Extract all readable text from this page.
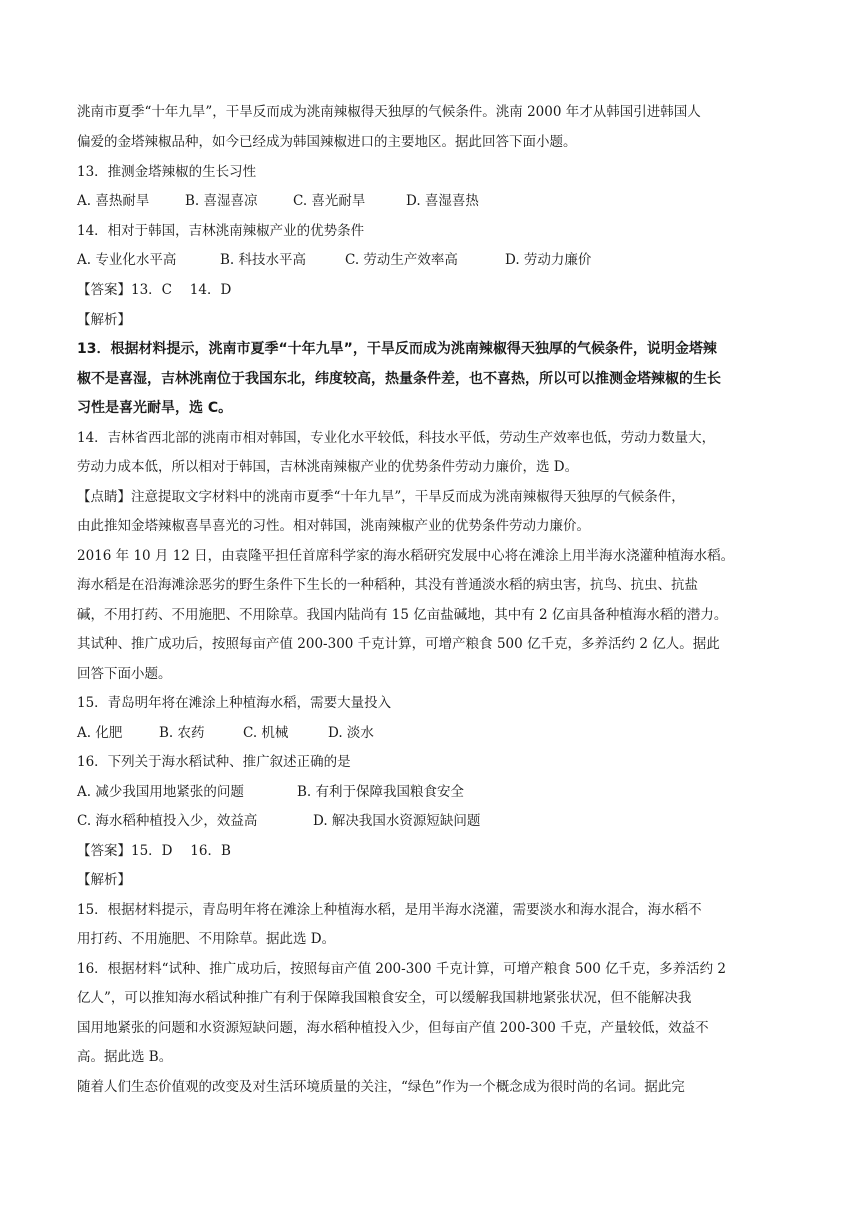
洮南市夏季“十年九旱”，干旱反而成为洮南辣椒得天独厚的气候条件。洮南 2000 年才从韩国引进韩国人
偏爱的金塔辣椒品种，如今已经成为韩国辣椒进口的主要地区。据此回答下面小题。
13．推测金塔辣椒的生长习性
A. 喜热耐旱	B. 喜湿喜凉	C. 喜光耐旱	D. 喜湿喜热
14．相对于韩国，吉林洮南辣椒产业的优势条件
A. 专业化水平高	B. 科技水平高	C. 劳动生产效率高	D. 劳动力廉价
【答案】13．C　 14．D
【解析】
13．根据材料提示，洮南市夏季“十年九旱”，干旱反而成为洮南辣椒得天独厚的气候条件，说明金塔辣
椒不是喜湿，吉林洮南位于我国东北，纬度较高，热量条件差，也不喜热，所以可以推测金塔辣椒的生长
习性是喜光耐旱，选 C。
14．吉林省西北部的洮南市相对韩国，专业化水平较低，科技水平低，劳动生产效率也低，劳动力数量大，
劳动力成本低，所以相对于韩国，吉林洮南辣椒产业的优势条件劳动力廉价，选 D。
【点睛】注意提取文字材料中的洮南市夏季“十年九旱”，干旱反而成为洮南辣椒得天独厚的气候条件，
由此推知金塔辣椒喜旱喜光的习性。相对韩国，洮南辣椒产业的优势条件劳动力廉价。
2016 年 10 月 12 日，由袁隆平担任首席科学家的海水稻研究发展中心将在滩涂上用半海水浇灌种植海水稻。
海水稻是在沿海滩涂恶劣的野生条件下生长的一种稻种，其没有普通淡水稻的病虫害，抗鸟、抗虫、抗盐
碱，不用打药、不用施肥、不用除草。我国内陆尚有 15 亿亩盐碱地，其中有 2 亿亩具备种植海水稻的潜力。
其试种、推广成功后，按照每亩产值 200-300 千克计算，可增产粮食 500 亿千克，多养活约 2 亿人。据此
回答下面小题。
15．青岛明年将在滩涂上种植海水稻，需要大量投入
A. 化肥	B. 农药	C. 机械	D. 淡水
16．下列关于海水稻试种、推广叙述正确的是
A. 减少我国用地紧张的问题	B. 有利于保障我国粮食安全
C. 海水稻种植投入少，效益高	D. 解决我国水资源短缺问题
【答案】15．D　 16．B
【解析】
15．根据材料提示，青岛明年将在滩涂上种植海水稻，是用半海水浇灌，需要淡水和海水混合，海水稻不
用打药、不用施肥、不用除草。据此选 D。
16．根据材料“试种、推广成功后，按照每亩产值 200-300 千克计算，可增产粮食 500 亿千克，多养活约 2
亿人”，可以推知海水稻试种推广有利于保障我国粮食安全，可以缓解我国耕地紧张状况，但不能解决我
国用地紧张的问题和水资源短缺问题，海水稻种植投入少，但每亩产值 200-300 千克，产量较低，效益不
高。据此选 B。
随着人们生态价值观的改变及对生活环境质量的关注，“绿色”作为一个概念成为很时尚的名词。据此完
